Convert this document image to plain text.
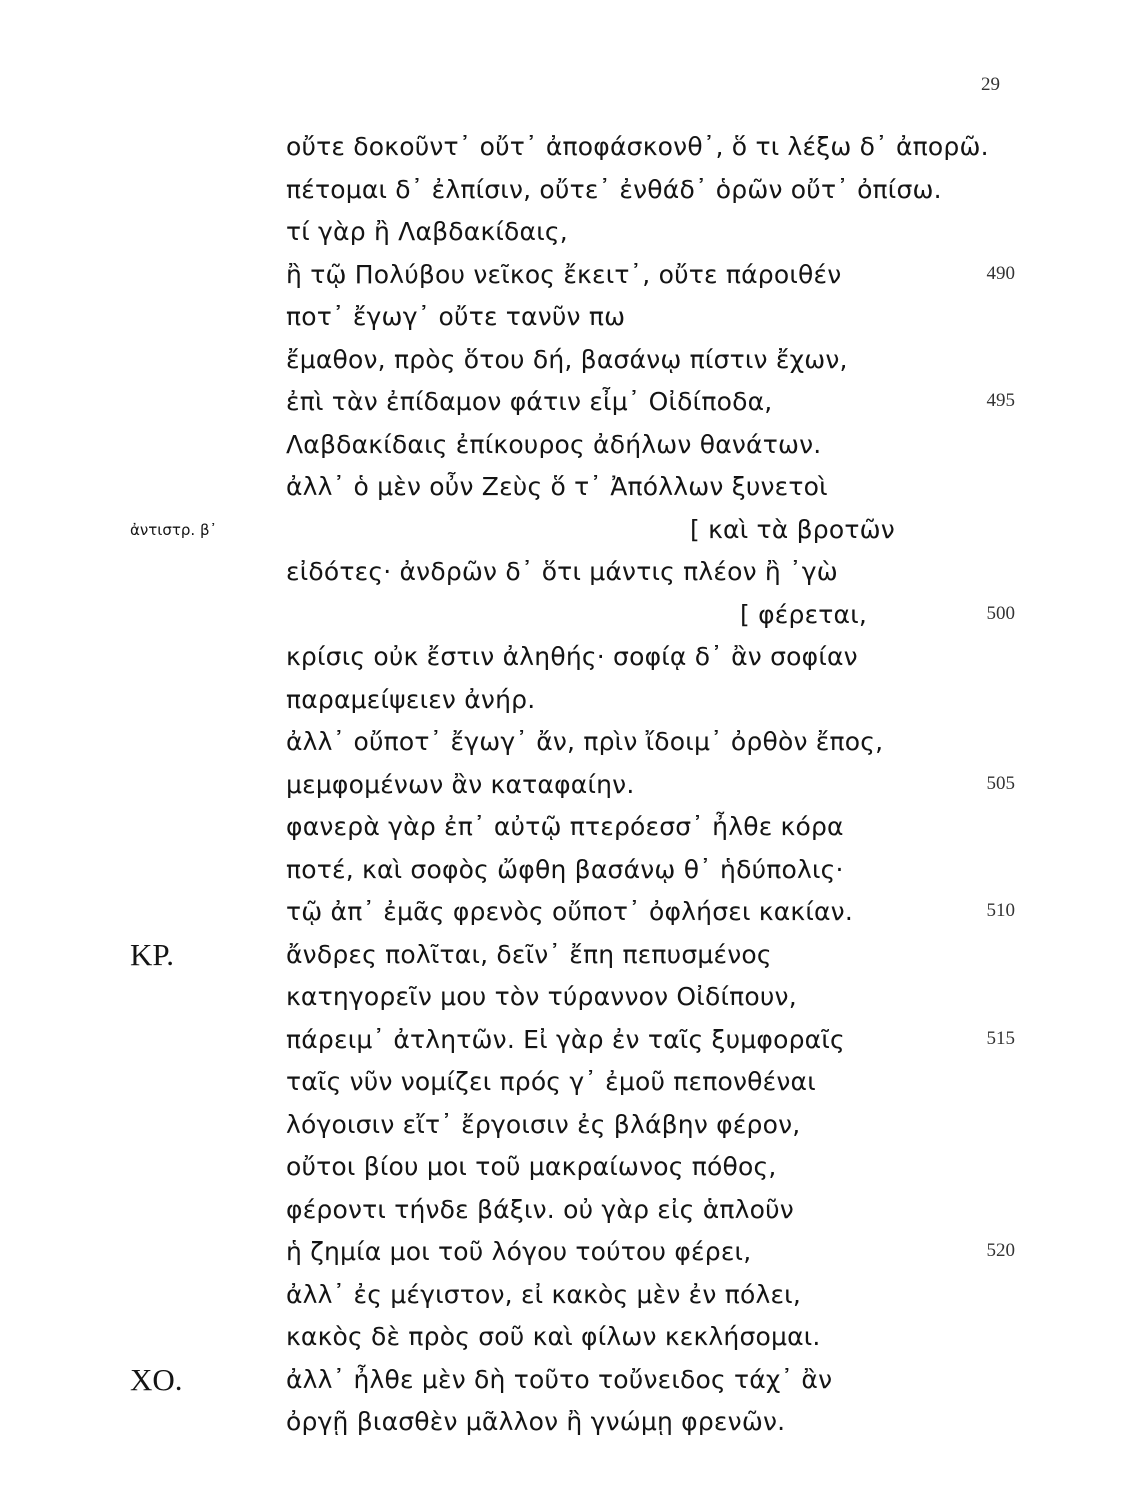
29
οὔτε δοκοῦντ᾽ οὔτ᾽ ἀποφάσκονθ᾽, ὅ τι λέξω δ᾽ ἀπορῶ.
πέτομαι δ᾽ ἐλπίσιν, οὔτε᾽ ἐνθάδ᾽ ὁρῶν οὔτ᾽ ὀπίσω.
τί γὰρ ἢ Λαβδακίδαις,
ἢ τῷ Πολύβου νεῖκος ἔκειτ᾽, οὔτε πάροιθέν	490
ποτ᾽ ἔγωγ᾽ οὔτε τανῦν πω
ἔμαθον, πρὸς ὅτου δή, βασάνῳ πίστιν ἔχων,
ἐπὶ τὰν ἐπίδαμον φάτιν εἶμ᾽ Οἰδίποδα,	495
Λαβδακίδαις ἐπίκουρος ἀδήλων θανάτων.
ἀλλ᾽ ὁ μὲν οὖν Ζεὺς ὅ τ᾽ Ἀπόλλων ξυνετοὶ
ἀντιστρ. β᾽	[ καὶ τὰ βροτῶν
εἰδότες· ἀνδρῶν δ᾽ ὅτι μάντις πλέον ἢ ᾽γὼ
[ φέρεται,	500
κρίσις οὐκ ἔστιν ἀληθής· σοφίᾳ δ᾽ ἂν σοφίαν
παραμείψειεν ἀνήρ.
ἀλλ᾽ οὔποτ᾽ ἔγωγ᾽ ἄν, πρὶν ἴδοιμ᾽ ὀρθὸν ἔπος,
μεμφομένων ἂν καταφαίην.	505
φανερὰ γὰρ ἐπ᾽ αὐτῷ πτερόεσσ᾽ ἦλθε κόρα
ποτέ, καὶ σοφὸς ὤφθη βασάνῳ θ᾽ ἡδύπολις·
τῷ ἀπ᾽ ἐμᾶς φρενὸς οὔποτ᾽ ὀφλήσει κακίαν.	510
ΚΡ.	ἄνδρες πολῖται, δεῖν᾽ ἔπη πεπυσμένος
κατηγορεῖν μου τὸν τύραννον Οἰδίπουν,
πάρειμ᾽ ἀτλητῶν. Εἰ γὰρ ἐν ταῖς ξυμφοραῖς	515
ταῖς νῦν νομίζει πρός γ᾽ ἐμοῦ πεπονθέναι
λόγοισιν εἴτ᾽ ἔργοισιν ἐς βλάβην φέρον,
οὔτοι βίου μοι τοῦ μακραίωνος πόθος,
φέροντι τήνδε βάξιν. οὐ γὰρ εἰς ἁπλοῦν
ἡ ζημία μοι τοῦ λόγου τούτου φέρει,	520
ἀλλ᾽ ἐς μέγιστον, εἰ κακὸς μὲν ἐν πόλει,
κακὸς δὲ πρὸς σοῦ καὶ φίλων κεκλήσομαι.
ΧΟ.	ἀλλ᾽ ἦλθε μὲν δὴ τοῦτο τοὔνειδος τάχ᾽ ἂν
ὀργῇ βιασθὲν μᾶλλον ἢ γνώμῃ φρενῶν.
